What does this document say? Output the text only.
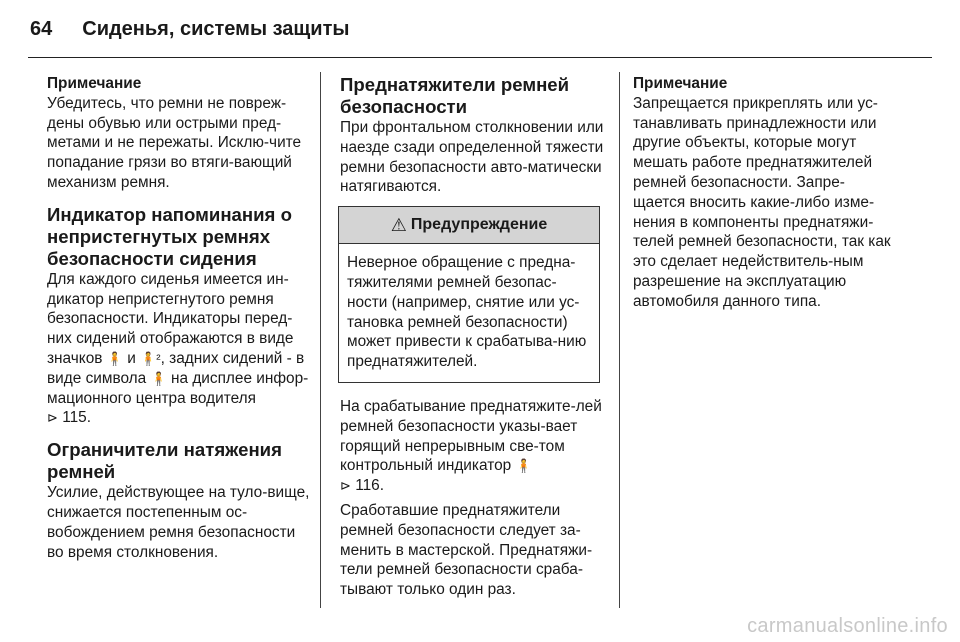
64 Сиденья, системы защиты

Примечание

Убедитесь, что ремни не повреж-дены обувью или острыми пред-метами и не пережаты. Исклю-чите попадание грязи во втяги-вающий механизм ремня.

Индикатор напоминания о непристегнутых ремнях безопасности сидения

Для каждого сиденья имеется ин-дикатор непристегнутого ремня безопасности. Индикаторы перед-них сидений отображаются в виде значков 🧍 и 🧍², задних сидений - в виде символа 🧍 на дисплее инфор-мационного центра водителя
⊳ 115.

Ограничители натяжения ремней

Усилие, действующее на туло-вище, снижается постепенным ос-вобождением ремня безопасности во время столкновения.

Преднатяжители ремней безопасности

При фронтальном столкновении или наезде сзади определенной тяжести ремни безопасности авто-матически натягиваются.

⚠ Предупреждение

Неверное обращение с предна-тяжителями ремней безопас-ности (например, снятие или ус-тановка ремней безопасности) может привести к срабатыва-нию преднатяжителей.

На срабатывание преднатяжите-лей ремней безопасности указы-вает горящий непрерывным све-том контрольный индикатор 🧍
⊳ 116.

Сработавшие преднатяжители ремней безопасности следует за-менить в мастерской. Преднатяжи-тели ремней безопасности сраба-тывают только один раз.

Примечание

Запрещается прикреплять или ус-танавливать принадлежности или другие объекты, которые могут мешать работе преднатяжителей ремней безопасности. Запре-щается вносить какие-либо изме-нения в компоненты преднатяжи-телей ремней безопасности, так как это сделает недействитель-ным разрешение на эксплуатацию автомобиля данного типа.

carmanualsonline.info
